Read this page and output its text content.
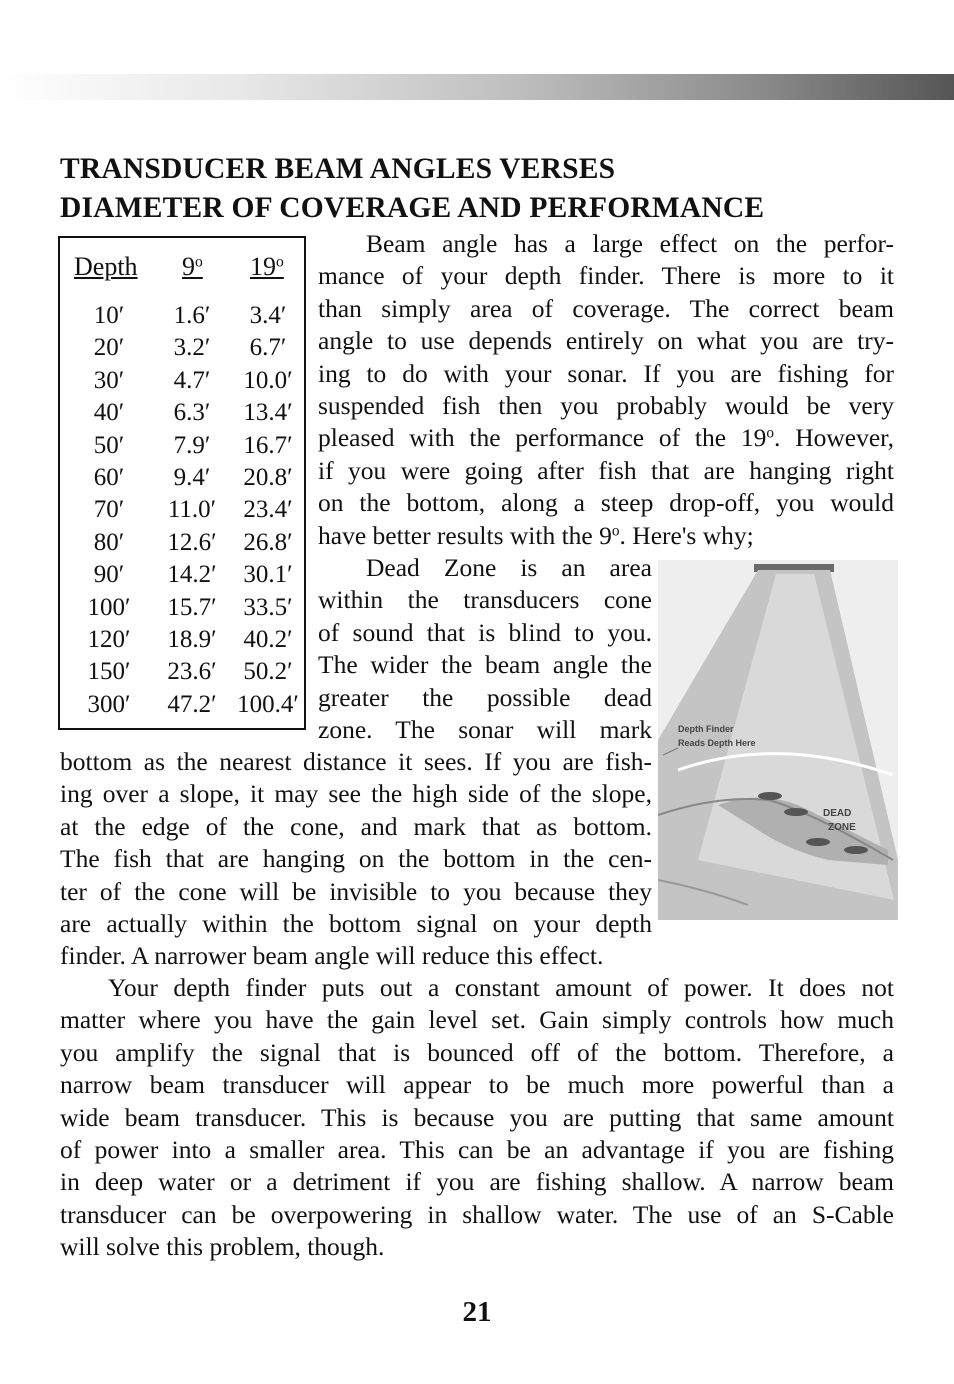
TRANSDUCER BEAM ANGLES VERSES
DIAMETER OF COVERAGE AND PERFORMANCE
Depth 9$^o$ 19$^o$
10′	1.6′	3.4′
20′	3.2′	6.7′
30′	4.7′	10.0′
40′	6.3′	13.4′
50′	7.9′	16.7′
60′	9.4′	20.8′
70′	11.0′	23.4′
80′	12.6′	26.8′
90′	14.2′	30.1′
100′	15.7′	33.5′
120′	18.9′	40.2′
150′	23.6′	50.2′
300′	47.2′ 100.4′
Beam angle has a large effect on the perfor-
mance of your depth finder. There is more to it
than simply area of coverage. The correct beam
angle to use depends entirely on what you are try-
ing to do with your sonar. If you are fishing for
suspended fish then you probably would be very
pleased with the performance of the 19$^o$. However,
if you were going after fish that are hanging right
on the bottom, along a steep drop-off, you would
have better results with the 9$^o$. Here's why;
Dead Zone is an area
within the transducers cone
of sound that is blind to you.
The wider the beam angle the
greater the possible dead
zone. The sonar will mark
bottom as the nearest distance it sees. If you are fish-
ing over a slope, it may see the high side of the slope,
at the edge of the cone, and mark that as bottom.
The fish that are hanging on the bottom in the cen-
ter of the cone will be invisible to you because they
are actually within the bottom signal on your depth
finder. A narrower beam angle will reduce this effect.
Your depth finder puts out a constant amount of power. It does not
matter where you have the gain level set. Gain simply controls how much
you amplify the signal that is bounced off of the bottom. Therefore, a
narrow beam transducer will appear to be much more powerful than a
wide beam transducer. This is because you are putting that same amount
of power into a smaller area. This can be an advantage if you are fishing
in deep water or a detriment if you are fishing shallow. A narrow beam
transducer can be overpowering in shallow water. The use of an S-Cable
will solve this problem, though.
Depth Finder
Reads Depth Here
DEAD
ZONE
21
